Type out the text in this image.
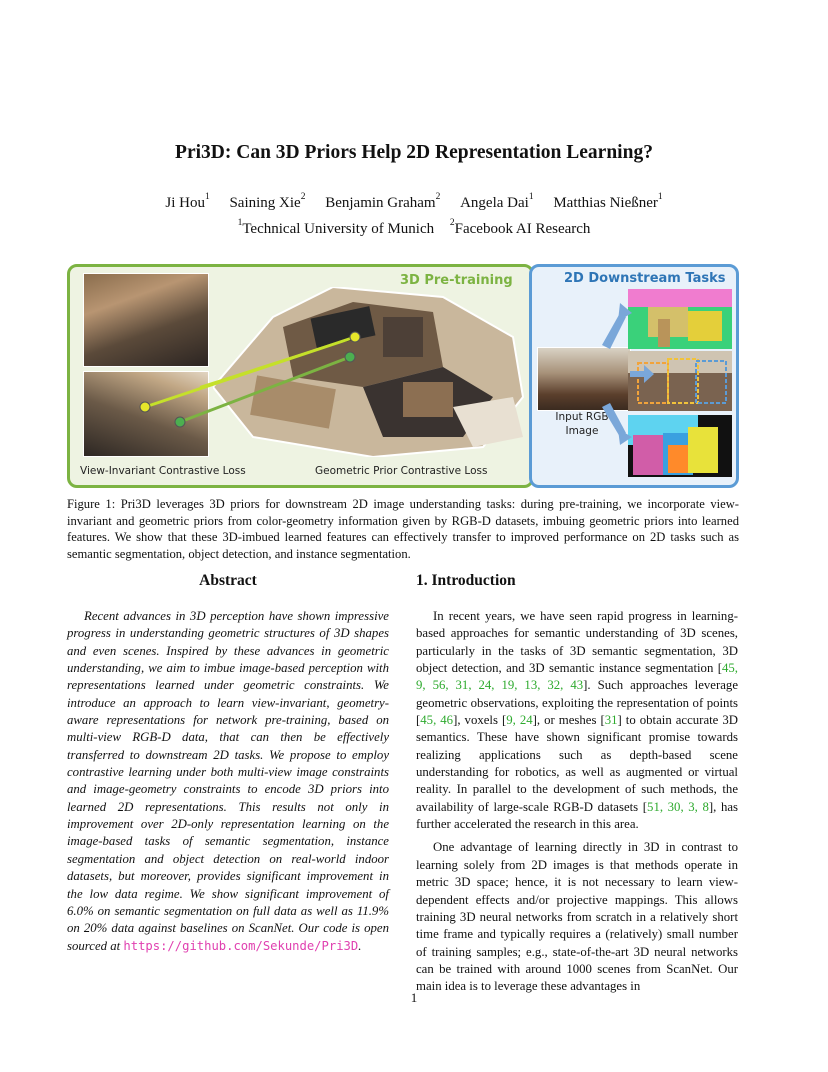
Pri3D: Can 3D Priors Help 2D Representation Learning?
Ji Hou$^1$ Saining Xie$^2$ Benjamin Graham$^2$ Angela Dai$^1$ Matthias Nießner$^1$
$^1$Technical University of Munich $^2$Facebook AI Research
3D Pre-training
View-Invariant Contrastive Loss	Geometric Prior Contrastive Loss
2D Downstream Tasks
Input RGB
Image
Figure 1: Pri3D leverages 3D priors for downstream 2D image understanding tasks: during pre-training, we incorporate view-invariant and geometric priors from color-geometry information given by RGB-D datasets, imbuing geometric priors into learned features. We show that these 3D-imbued learned features can effectively transfer to improved performance on 2D tasks such as semantic segmentation, object detection, and instance segmentation.
Abstract

Recent advances in 3D perception have shown impressive progress in understanding geometric structures of 3D shapes and even scenes. Inspired by these advances in geometric understanding, we aim to imbue image-based perception with representations learned under geometric constraints. We introduce an approach to learn view-invariant, geometry-aware representations for network pre-training, based on multi-view RGB-D data, that can then be effectively transferred to downstream 2D tasks. We propose to employ contrastive learning under both multi-view image constraints and image-geometry constraints to encode 3D priors into learned 2D representations. This results not only in improvement over 2D-only representation learning on the image-based tasks of semantic segmentation, instance segmentation and object detection on real-world indoor datasets, but moreover, provides significant improvement in the low data regime. We show significant improvement of 6.0% on semantic segmentation on full data as well as 11.9% on 20% data against baselines on ScanNet. Our code is open sourced at https://github.com/Sekunde/Pri3D.

1. Introduction

In recent years, we have seen rapid progress in learning-based approaches for semantic understanding of 3D scenes, particularly in the tasks of 3D semantic segmentation, 3D object detection, and 3D semantic instance segmentation [45, 9, 56, 31, 24, 19, 13, 32, 43]. Such approaches leverage geometric observations, exploiting the representation of points [45, 46], voxels [9, 24], or meshes [31] to obtain accurate 3D semantics. These have shown significant promise towards realizing applications such as depth-based scene understanding for robotics, as well as augmented or virtual reality. In parallel to the development of such methods, the availability of large-scale RGB-D datasets [51, 30, 3, 8], has further accelerated the research in this area.

One advantage of learning directly in 3D in contrast to learning solely from 2D images is that methods operate in metric 3D space; hence, it is not necessary to learn view-dependent effects and/or projective mappings. This allows training 3D neural networks from scratch in a relatively short time frame and typically requires a (relatively) small number of training samples; e.g., state-of-the-art 3D neural networks can be trained with around 1000 scenes from ScanNet. Our main idea is to leverage these advantages in

1
